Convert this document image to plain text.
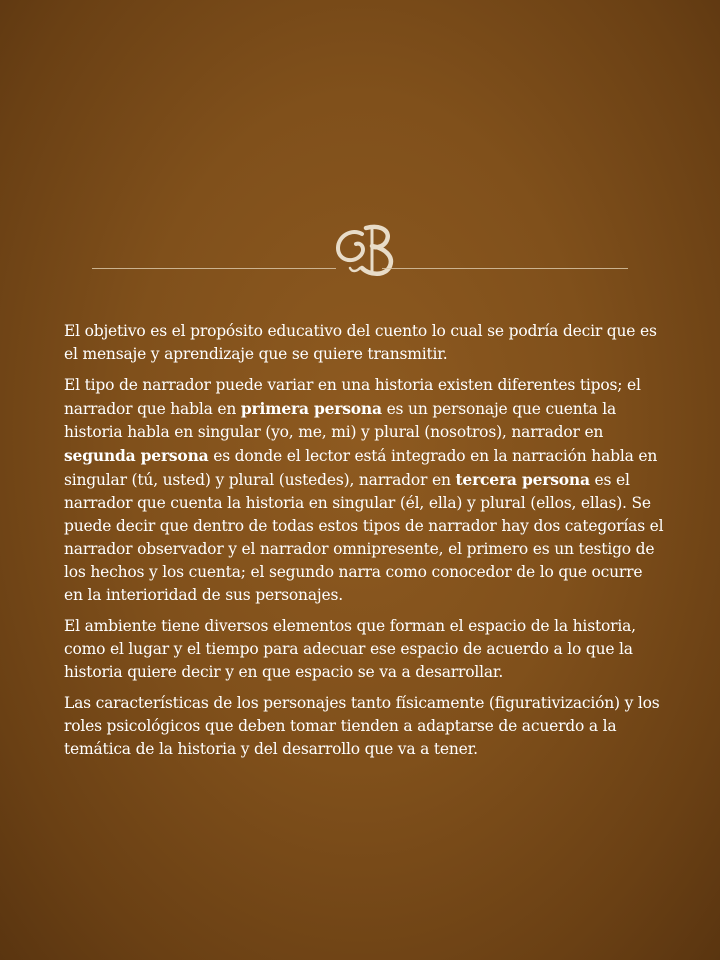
El objetivo es el propósito educativo del cuento lo cual se podría decir que es el mensaje y aprendizaje que se quiere transmitir.

El tipo de narrador puede variar en una historia existen diferentes tipos; el narrador que habla en primera persona es un personaje que cuenta la historia habla en singular (yo, me, mi) y plural (nosotros), narrador en segunda persona es donde el lector está integrado en la narración habla en singular (tú, usted) y plural (ustedes), narrador en tercera persona es el narrador que cuenta la historia en singular (él, ella) y plural (ellos, ellas). Se puede decir que dentro de todas estos tipos de narrador hay dos categorías el narrador observador y el narrador omnipresente, el primero es un testigo de los hechos y los cuenta; el segundo narra como conocedor de lo que ocurre en la interioridad de sus personajes.

El ambiente tiene diversos elementos que forman el espacio de la historia, como el lugar y el tiempo para adecuar ese espacio de acuerdo a lo que la historia quiere decir y en que espacio se va a desarrollar.

Las características de los personajes tanto físicamente (figurativización) y los roles psicológicos que deben tomar tienden a adaptarse de acuerdo a la temática de la historia y del desarrollo que va a tener.
